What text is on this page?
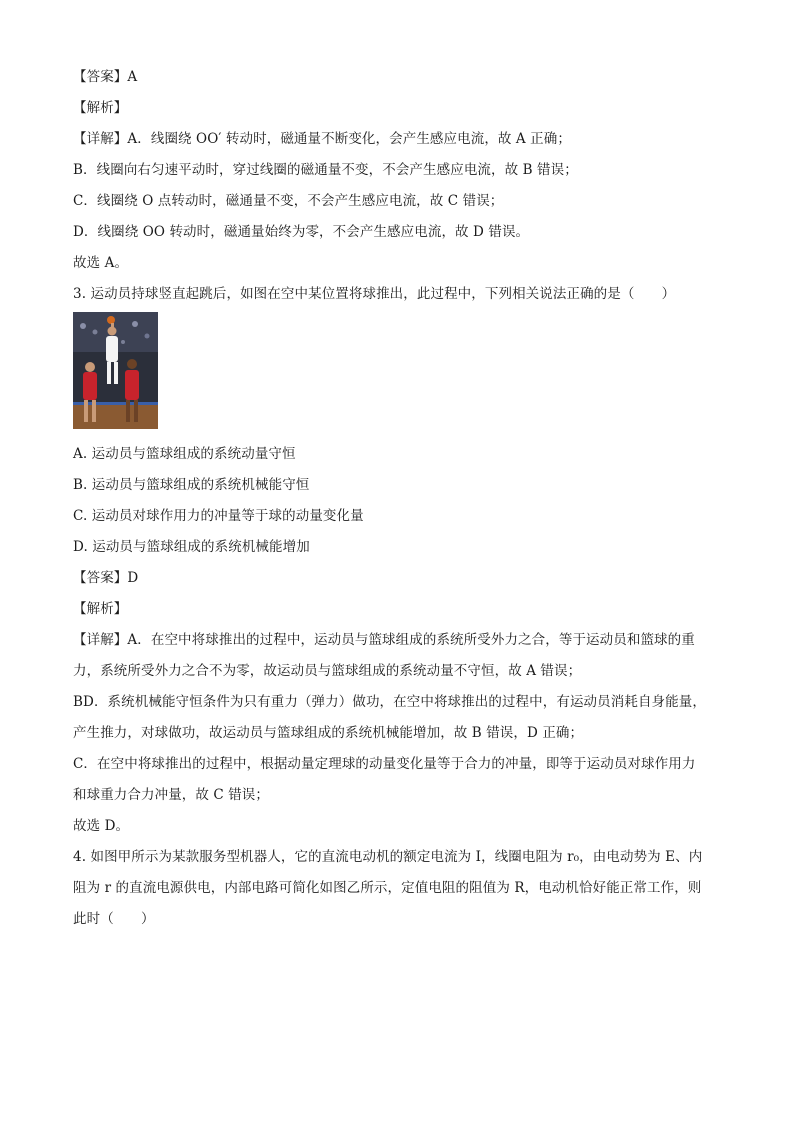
【答案】A
【解析】
【详解】A．线圈绕 OO′ 转动时，磁通量不断变化，会产生感应电流，故 A 正确；
B．线圈向右匀速平动时，穿过线圈的磁通量不变，不会产生感应电流，故 B 错误；
C．线圈绕 O 点转动时，磁通量不变，不会产生感应电流，故 C 错误；
D．线圈绕 OO 转动时，磁通量始终为零，不会产生感应电流，故 D 错误。
故选 A。
3. 运动员持球竖直起跳后，如图在空中某位置将球推出，此过程中，下列相关说法正确的是（　　）
A. 运动员与篮球组成的系统动量守恒
B. 运动员与篮球组成的系统机械能守恒
C. 运动员对球作用力的冲量等于球的动量变化量
D. 运动员与篮球组成的系统机械能增加
【答案】D
【解析】
【详解】A．在空中将球推出的过程中，运动员与篮球组成的系统所受外力之合，等于运动员和篮球的重
力，系统所受外力之合不为零，故运动员与篮球组成的系统动量不守恒，故 A 错误；
BD．系统机械能守恒条件为只有重力（弹力）做功，在空中将球推出的过程中，有运动员消耗自身能量，
产生推力，对球做功，故运动员与篮球组成的系统机械能增加，故 B 错误，D 正确；
C．在空中将球推出的过程中，根据动量定理球的动量变化量等于合力的冲量，即等于运动员对球作用力
和球重力合力冲量，故 C 错误；
故选 D。
4. 如图甲所示为某款服务型机器人，它的直流电动机的额定电流为 I，线圈电阻为 r₀，由电动势为 E、内
阻为 r 的直流电源供电，内部电路可简化如图乙所示，定值电阻的阻值为 R，电动机恰好能正常工作，则
此时（　　）
